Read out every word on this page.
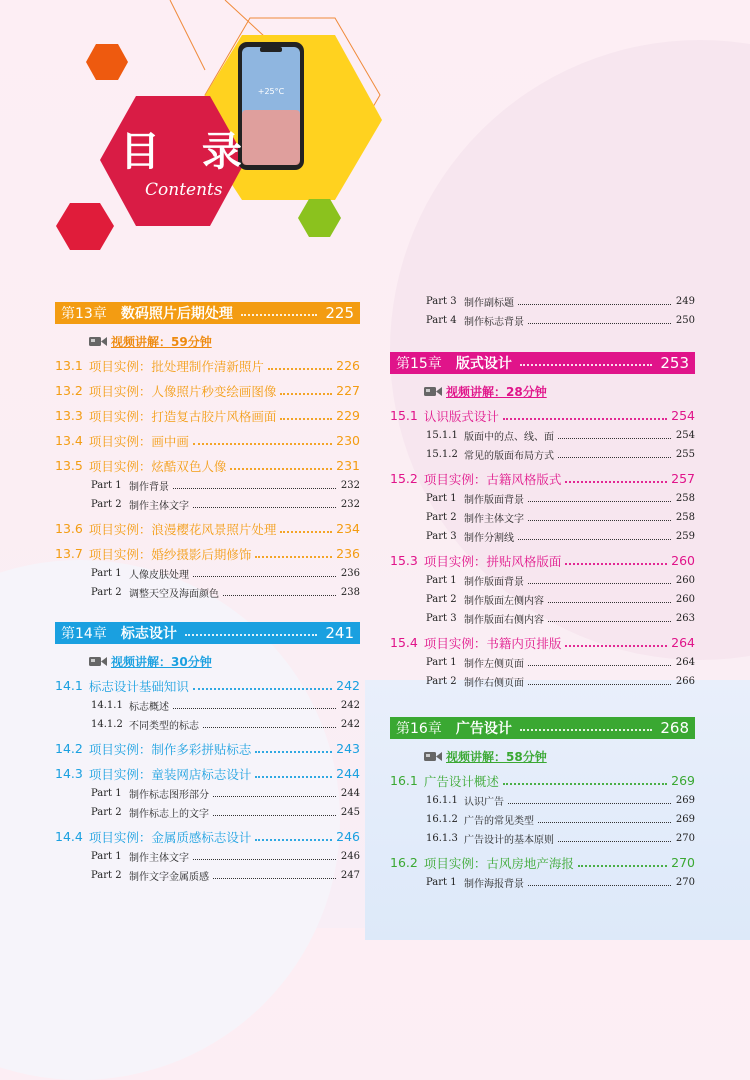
+25°C
目 录
Contents
第13章 数码照片后期处理	225
视频讲解：59分钟
13.1 项目实例：批处理制作清新照片	226
13.2 项目实例：人像照片秒变绘画图像	227
13.3 项目实例：打造复古胶片风格画面	229
13.4 项目实例：画中画	230
13.5 项目实例：炫酷双色人像	231
Part 1 制作背景	232
Part 2 制作主体文字	232
13.6 项目实例：浪漫樱花风景照片处理	234
13.7 项目实例：婚纱摄影后期修饰	236
Part 1 人像皮肤处理	236
Part 2 调整天空及海面颜色	238
第14章 标志设计	241
视频讲解：30分钟
14.1 标志设计基础知识	242
14.1.1 标志概述	242
14.1.2 不同类型的标志	242
14.2 项目实例：制作多彩拼贴标志	243
14.3 项目实例：童装网店标志设计	244
Part 1 制作标志图形部分	244
Part 2 制作标志上的文字	245
14.4 项目实例：金属质感标志设计	246
Part 1 制作主体文字	246
Part 2 制作文字金属质感	247
Part 3 制作副标题	249
Part 4 制作标志背景	250
第15章 版式设计	253
视频讲解：28分钟
15.1 认识版式设计	254
15.1.1 版面中的点、线、面	254
15.1.2 常见的版面布局方式	255
15.2 项目实例：古籍风格版式	257
Part 1 制作版面背景	258
Part 2 制作主体文字	258
Part 3 制作分割线	259
15.3 项目实例：拼贴风格版面	260
Part 1 制作版面背景	260
Part 2 制作版面左侧内容	260
Part 3 制作版面右侧内容	263
15.4 项目实例：书籍内页排版	264
Part 1 制作左侧页面	264
Part 2 制作右侧页面	266
第16章 广告设计	268
视频讲解：58分钟
16.1 广告设计概述	269
16.1.1 认识广告	269
16.1.2 广告的常见类型	269
16.1.3 广告设计的基本原则	270
16.2 项目实例：古风房地产海报	270
Part 1 制作海报背景	270
